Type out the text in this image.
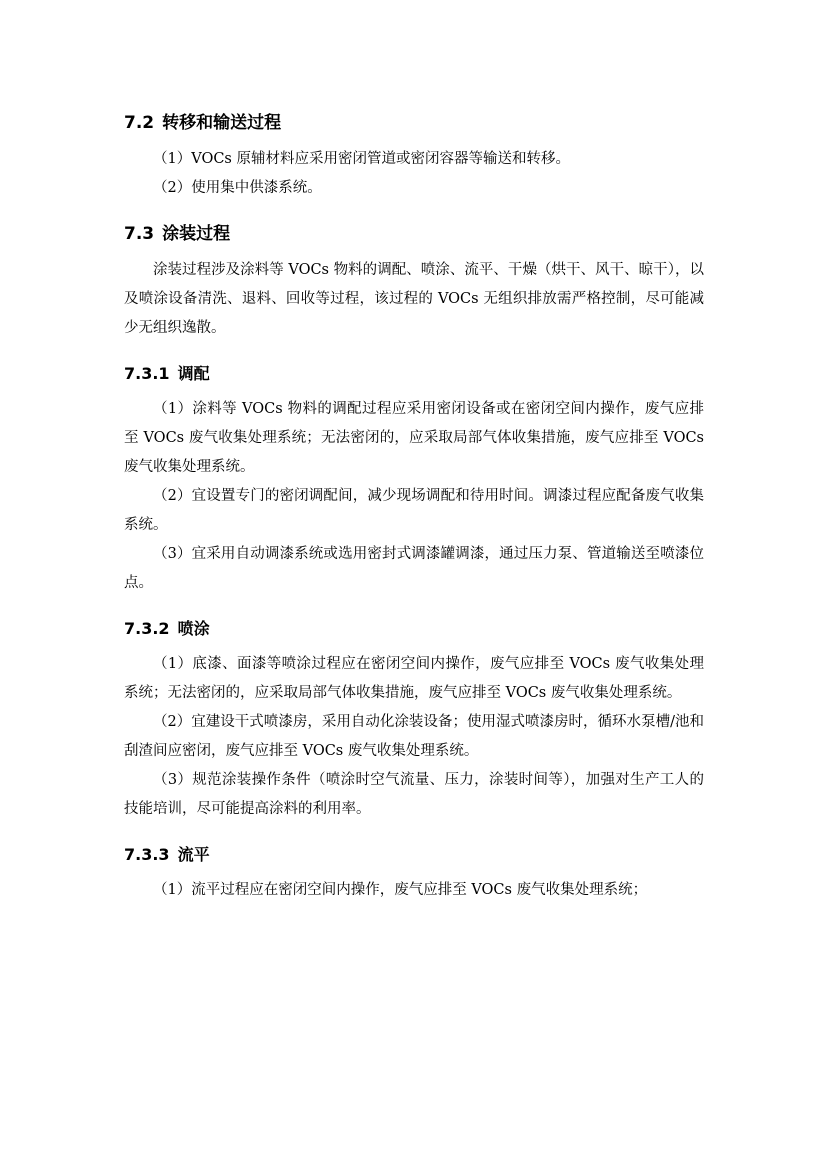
7.2 转移和输送过程

（1）VOCs 原辅材料应采用密闭管道或密闭容器等输送和转移。

（2）使用集中供漆系统。

7.3 涂装过程

涂装过程涉及涂料等 VOCs 物料的调配、喷涂、流平、干燥（烘干、风干、晾干），以及喷涂设备清洗、退料、回收等过程，该过程的 VOCs 无组织排放需严格控制，尽可能减少无组织逸散。

7.3.1 调配

（1）涂料等 VOCs 物料的调配过程应采用密闭设备或在密闭空间内操作，废气应排至 VOCs 废气收集处理系统；无法密闭的，应采取局部气体收集措施，废气应排至 VOCs 废气收集处理系统。

（2）宜设置专门的密闭调配间，减少现场调配和待用时间。调漆过程应配备废气收集系统。

（3）宜采用自动调漆系统或选用密封式调漆罐调漆，通过压力泵、管道输送至喷漆位点。

7.3.2 喷涂

（1）底漆、面漆等喷涂过程应在密闭空间内操作，废气应排至 VOCs 废气收集处理系统；无法密闭的，应采取局部气体收集措施，废气应排至 VOCs 废气收集处理系统。

（2）宜建设干式喷漆房，采用自动化涂装设备；使用湿式喷漆房时，循环水泵槽/池和刮渣间应密闭，废气应排至 VOCs 废气收集处理系统。

（3）规范涂装操作条件（喷涂时空气流量、压力，涂装时间等），加强对生产工人的技能培训，尽可能提高涂料的利用率。

7.3.3 流平

（1）流平过程应在密闭空间内操作，废气应排至 VOCs 废气收集处理系统；
